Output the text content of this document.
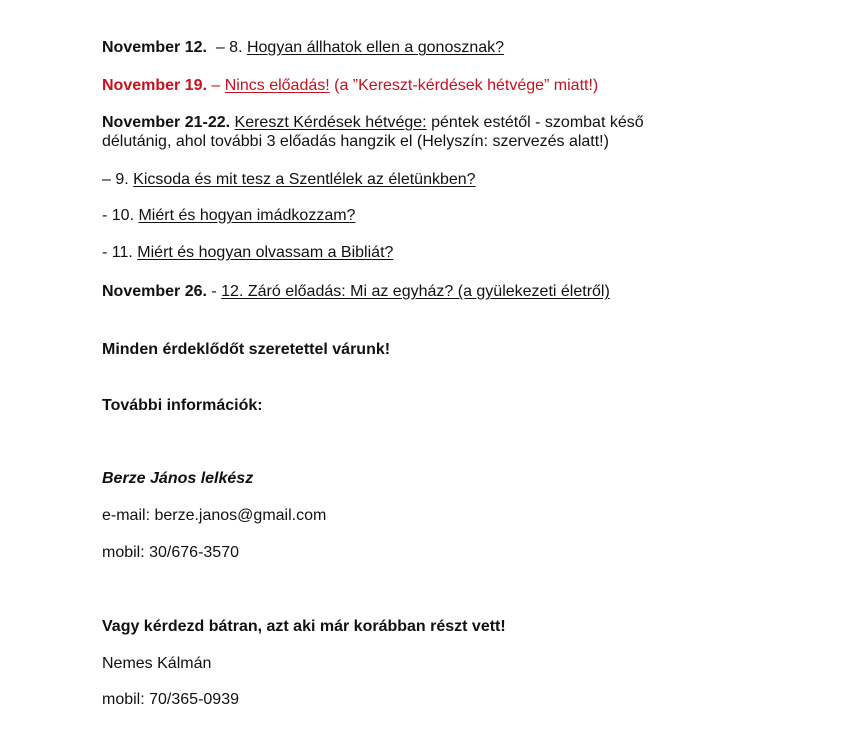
November 12.  – 8. Hogyan állhatok ellen a gonosznak?
November 19. – Nincs előadás! (a ”Kereszt-kérdések hétvége” miatt!)
November 21-22. Kereszt Kérdések hétvége: péntek estétől - szombat késő
délutánig, ahol további 3 előadás hangzik el (Helyszín: szervezés alatt!)
– 9. Kicsoda és mit tesz a Szentlélek az életünkben?
- 10. Miért és hogyan imádkozzam?
- 11. Miért és hogyan olvassam a Bibliát?
November 26. - 12. Záró előadás: Mi az egyház? (a gyülekezeti életről)
Minden érdeklődőt szeretettel várunk!
További információk:
Berze János lelkész
e-mail: berze.janos@gmail.com
mobil: 30/676-3570
Vagy kérdezd bátran, azt aki már korábban részt vett!
Nemes Kálmán
mobil: 70/365-0939
